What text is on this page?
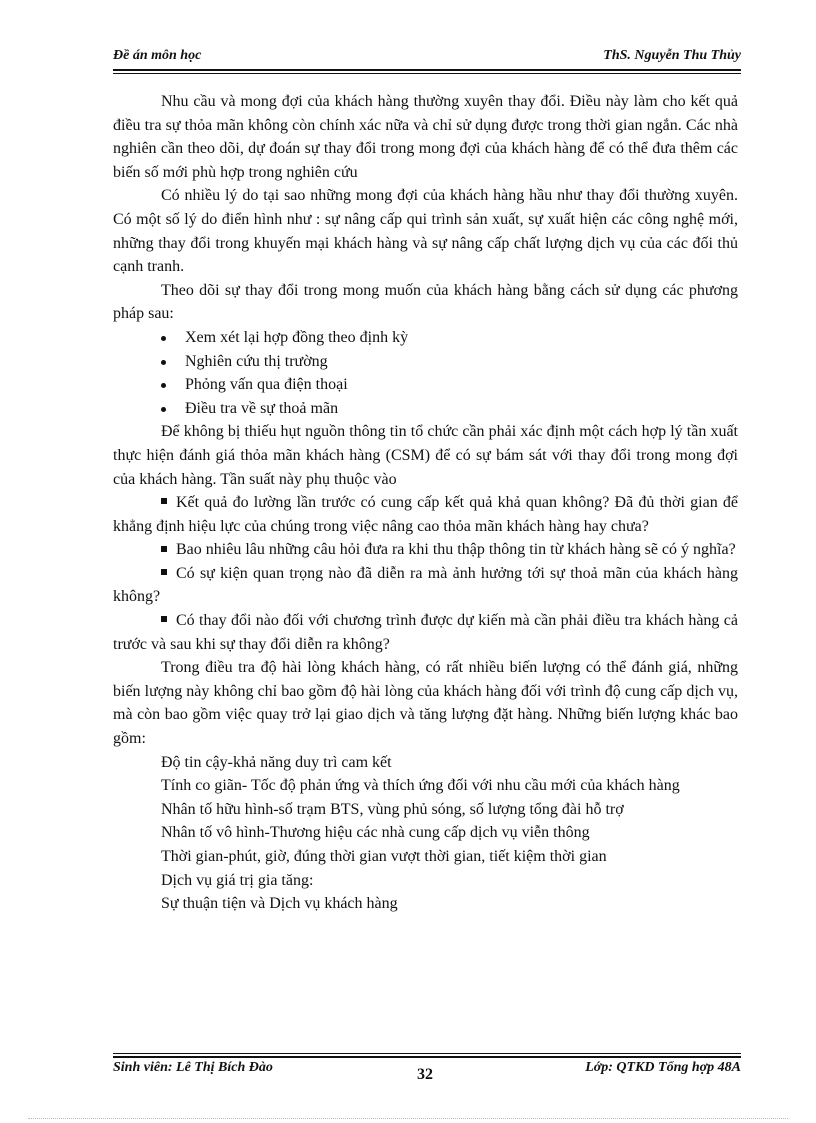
Đề án môn học	ThS. Nguyễn Thu Thủy

Nhu cầu và mong đợi của khách hàng thường xuyên thay đổi. Điều này làm cho kết quả điều tra sự thỏa mãn không còn chính xác nữa và chỉ sử dụng được trong thời gian ngắn. Các nhà nghiên cần theo dõi, dự đoán sự thay đổi trong mong đợi của khách hàng để có thể đưa thêm các biến số mới phù hợp trong nghiên cứu

Có nhiều lý do tại sao những mong đợi của khách hàng hầu như thay đổi thường xuyên. Có một số lý do điển hình như : sự nâng cấp qui trình sản xuất, sự xuất hiện các công nghệ mới, những thay đổi trong khuyến mại khách hàng và sự nâng cấp chất lượng dịch vụ của các đối thủ cạnh tranh.

Theo dõi sự thay đổi trong mong muốn của khách hàng bằng cách sử dụng các phương pháp sau:

Xem xét lại hợp đồng theo định kỳ

Nghiên cứu thị trường

Phỏng vấn qua điện thoại

Điều tra về sự thoả mãn

Để không bị thiếu hụt nguồn thông tin tổ chức cần phải xác định một cách hợp lý tần xuất thực hiện đánh giá thỏa mãn khách hàng (CSM) để có sự bám sát với thay đổi trong mong đợi của khách hàng. Tần suất này phụ thuộc vào

Kết quả đo lường lần trước có cung cấp kết quả khả quan không? Đã đủ thời gian để khẳng định hiệu lực của chúng trong việc nâng cao thỏa mãn khách hàng hay chưa?

Bao nhiêu lâu những câu hỏi đưa ra khi thu thập thông tin từ khách hàng sẽ có ý nghĩa?

Có sự kiện quan trọng nào đã diễn ra mà ảnh hưởng tới sự thoả mãn của khách hàng không?

Có thay đổi nào đối với chương trình được dự kiến mà cần phải điều tra khách hàng cả trước và sau khi sự thay đổi diễn ra không?

Trong điều tra độ hài lòng khách hàng, có rất nhiều biến lượng có thể đánh giá, những biến lượng này không chỉ bao gồm độ hài lòng của khách hàng đối với trình độ cung cấp dịch vụ, mà còn bao gồm việc quay trở lại giao dịch và tăng lượng đặt hàng. Những biến lượng khác bao gồm:

Độ tin cậy-khả năng duy trì cam kết

Tính co giãn- Tốc độ phản ứng và thích ứng đối với nhu cầu mới của khách hàng

Nhân tố hữu hình-số trạm BTS, vùng phủ sóng, số lượng tổng đài hỗ trợ

Nhân tố vô hình-Thương hiệu các nhà cung cấp dịch vụ viễn thông

Thời gian-phút, giờ, đúng thời gian vượt thời gian, tiết kiệm thời gian

Dịch vụ giá trị gia tăng:

Sự thuận tiện và Dịch vụ khách hàng

Sinh viên: Lê Thị Bích Đào	Lớp: QTKD Tổng hợp 48A
32
